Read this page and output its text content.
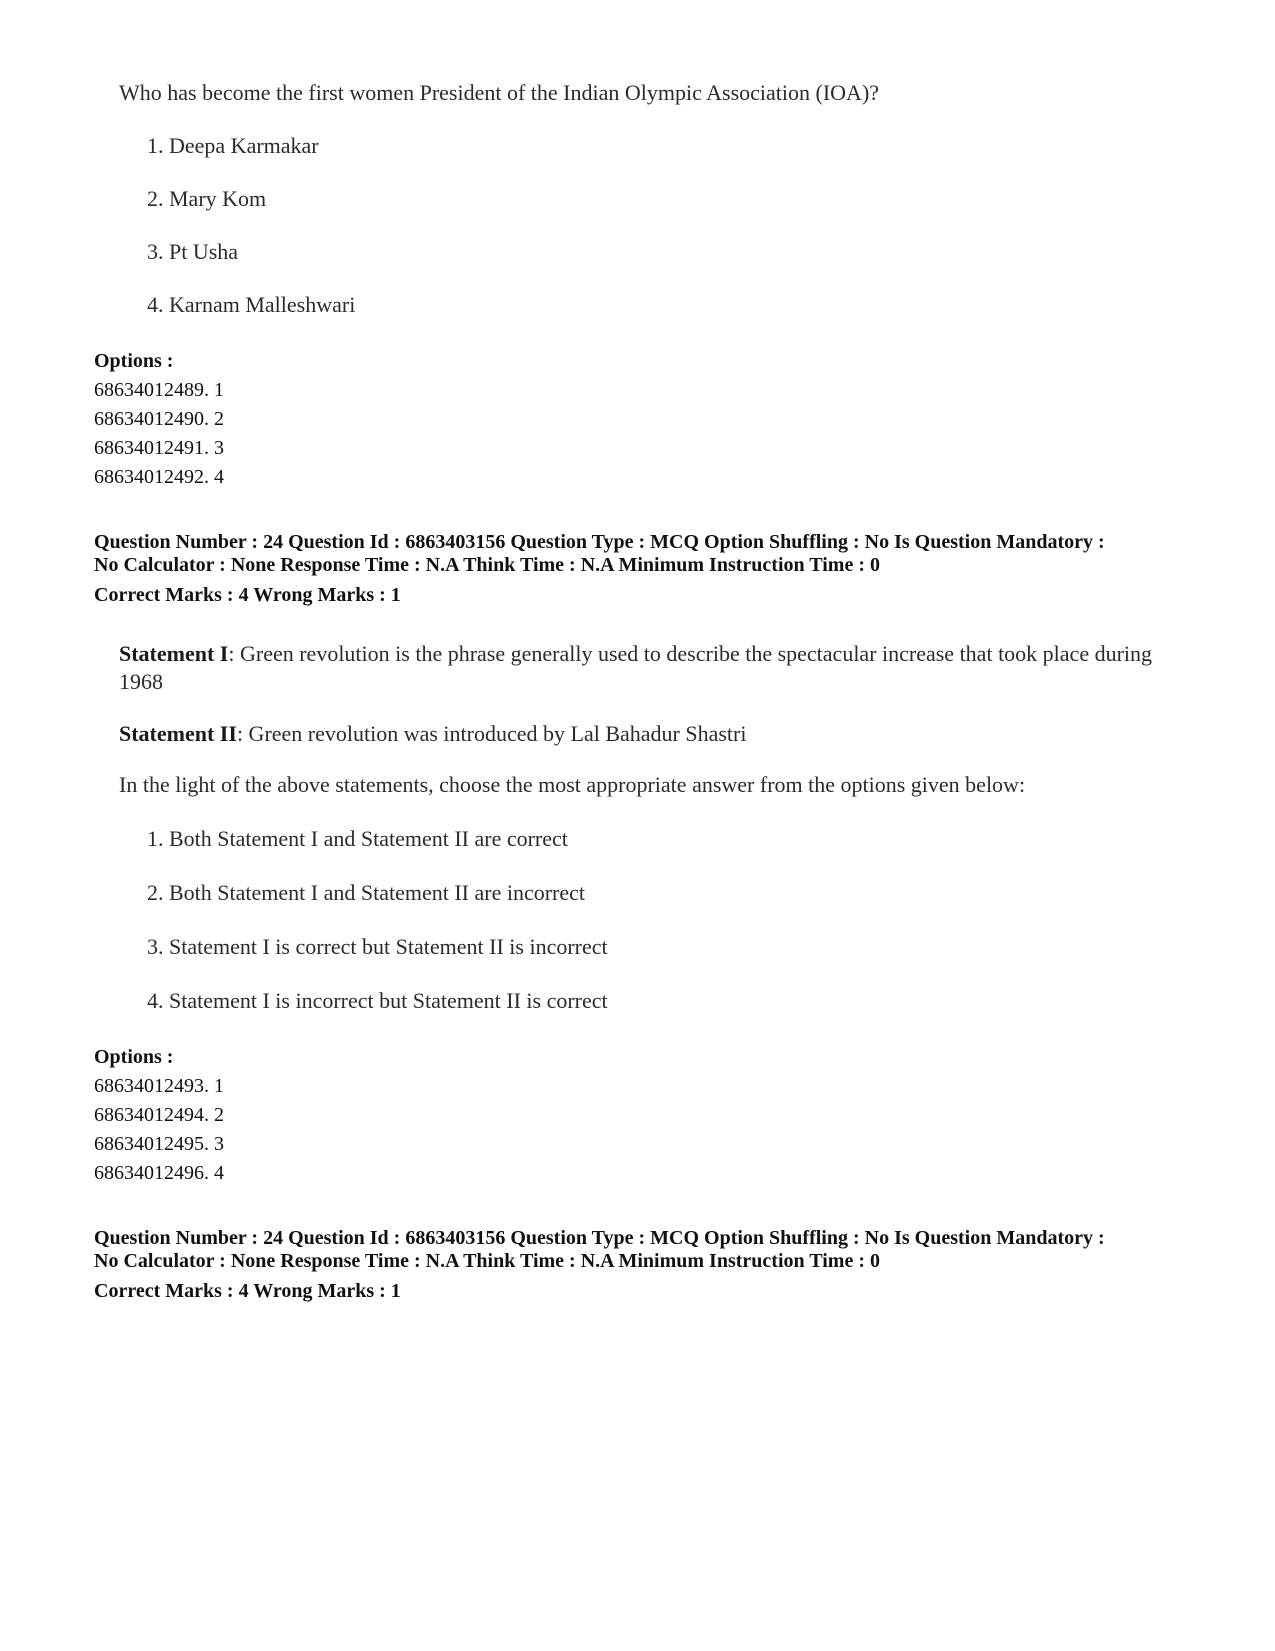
Who has become the first women President of the Indian Olympic Association (IOA)?
1. Deepa Karmakar
2. Mary Kom
3. Pt Usha
4. Karnam Malleshwari
Options :
68634012489. 1
68634012490. 2
68634012491. 3
68634012492. 4
Question Number : 24 Question Id : 6863403156 Question Type : MCQ Option Shuffling : No Is Question Mandatory :
No Calculator : None Response Time : N.A Think Time : N.A Minimum Instruction Time : 0
Correct Marks : 4 Wrong Marks : 1
Statement I: Green revolution is the phrase generally used to describe the spectacular increase that took place during 1968
Statement II: Green revolution was introduced by Lal Bahadur Shastri
In the light of the above statements, choose the most appropriate answer from the options given below:
1. Both Statement I and Statement II are correct
2. Both Statement I and Statement II are incorrect
3. Statement I is correct but Statement II is incorrect
4. Statement I is incorrect but Statement II is correct
Options :
68634012493. 1
68634012494. 2
68634012495. 3
68634012496. 4
Question Number : 24 Question Id : 6863403156 Question Type : MCQ Option Shuffling : No Is Question Mandatory :
No Calculator : None Response Time : N.A Think Time : N.A Minimum Instruction Time : 0
Correct Marks : 4 Wrong Marks : 1
